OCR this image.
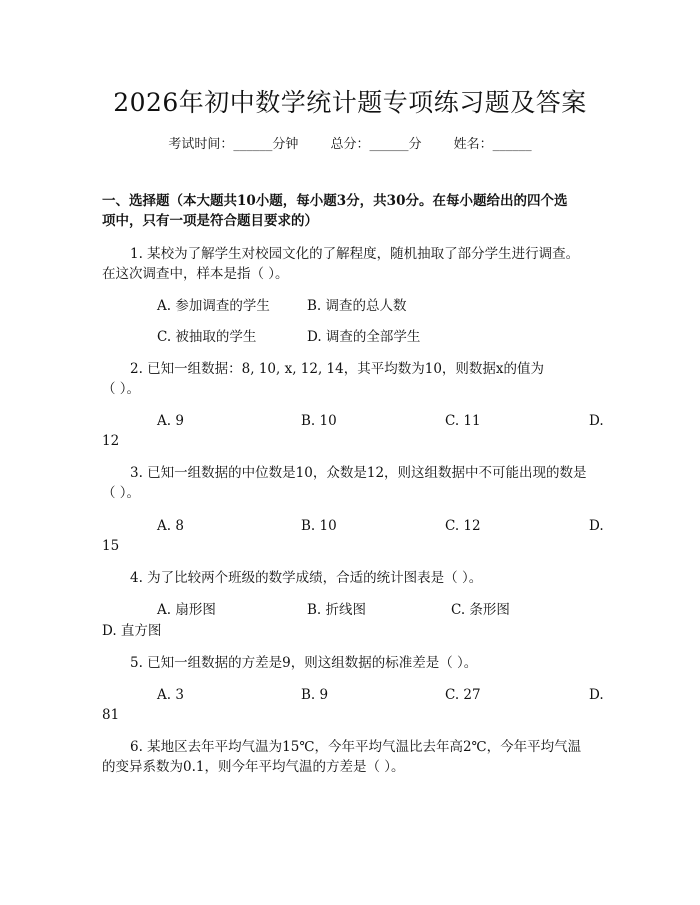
2026年初中数学统计题专项练习题及答案
考试时间：______分钟 总分：______分 姓名：______
一、选择题（本大题共10小题，每小题3分，共30分。在每小题给出的四个选
项中，只有一项是符合题目要求的）
1. 某校为了解学生对校园文化的了解程度，随机抽取了部分学生进行调查。
在这次调查中，样本是指（ ）。
A. 参加调查的学生	B. 调查的总人数
C. 被抽取的学生	D. 调查的全部学生
2. 已知一组数据：8, 10, x, 12, 14，其平均数为10，则数据x的值为
（ ）。
A. 9	B. 10	C. 11	D.
12
3. 已知一组数据的中位数是10，众数是12，则这组数据中不可能出现的数是
（ ）。
A. 8	B. 10	C. 12	D.
15
4. 为了比较两个班级的数学成绩，合适的统计图表是（ ）。
A. 扇形图	B. 折线图	C. 条形图
D. 直方图
5. 已知一组数据的方差是9，则这组数据的标准差是（ ）。
A. 3	B. 9	C. 27	D.
81
6. 某地区去年平均气温为15℃，今年平均气温比去年高2℃，今年平均气温
的变异系数为0.1，则今年平均气温的方差是（ ）。
